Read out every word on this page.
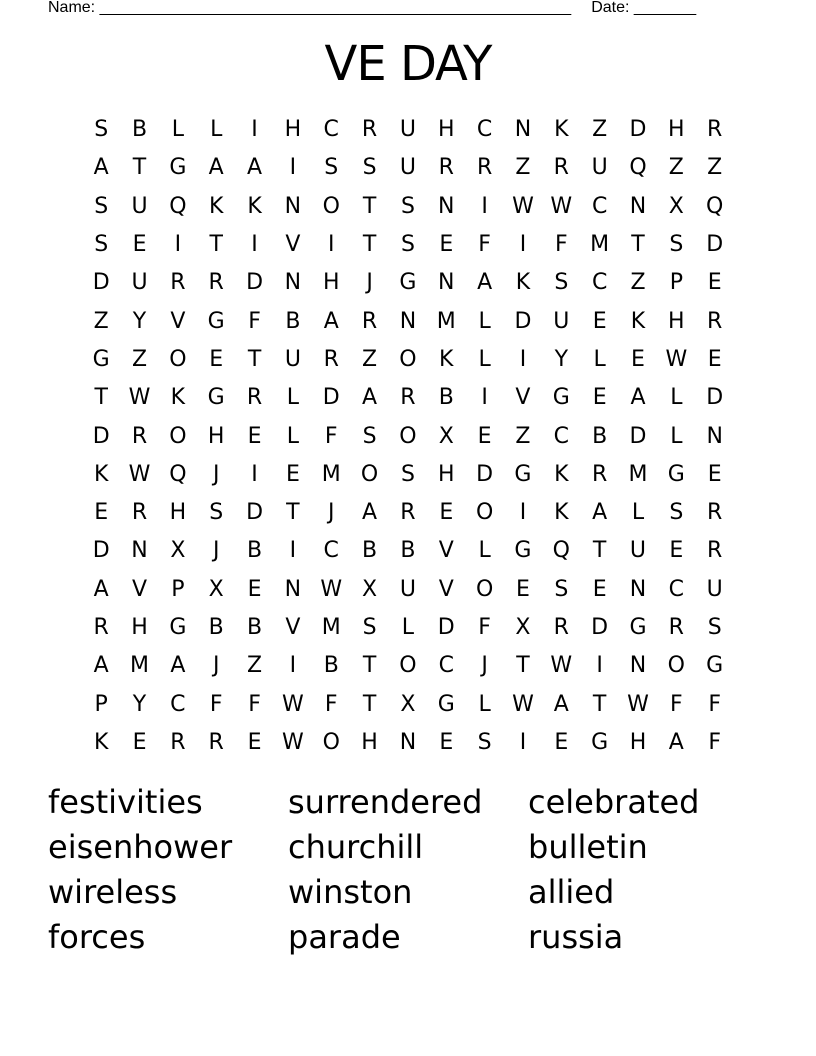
Name: _____________________________________________________ Date: _______
VE DAY
S	B	L	L	I	H	C	R	U	H	C	N	K	Z	D H	R
A	T	G	A	A	I	S	S	U	R	R	Z	R	U Q	Z	Z
S	U Q	K	K	N O	T	S	N	I	W W C	N	X	Q
S	E	I	T	I	V	I	T	S	E	F	I	F	M	T	S	D
D U	R	R	D N H	J	G N	A	K	S	C	Z	P	E
Z	Y	V	G	F	B	A	R	N M	L	D U	E	K	H	R
G	Z	O	E	T	U	R	Z	O	K	L	I	Y	L	E W E
T W K	G	R	L	D	A	R	B	I	V	G	E	A	L	D
D	R	O H	E	L	F	S	O	X	E	Z	C	B	D	L	N
K W Q	J	I	E M O	S	H D G	K	R M G	E
E	R	H	S	D	T	J	A	R	E	O	I	K	A	L	S	R
D N	X	J	B	I	C	B	B	V	L	G Q	T	U	E	R
A	V	P	X	E	N W X	U	V	O	E	S	E	N	C	U
R	H G	B	B	V M S	L	D	F	X	R	D G	R	S
A M A	J	Z	I	B	T	O	C	J	T W	I	N O G
P	Y	C	F	F W F	T	X	G	L W A	T W F	F
K	E	R	R	E W O H N	E	S	I	E	G H	A	F
festivities	surrendered	celebrated
eisenhower	churchill	bulletin
wireless	winston	allied
forces	parade	russia
